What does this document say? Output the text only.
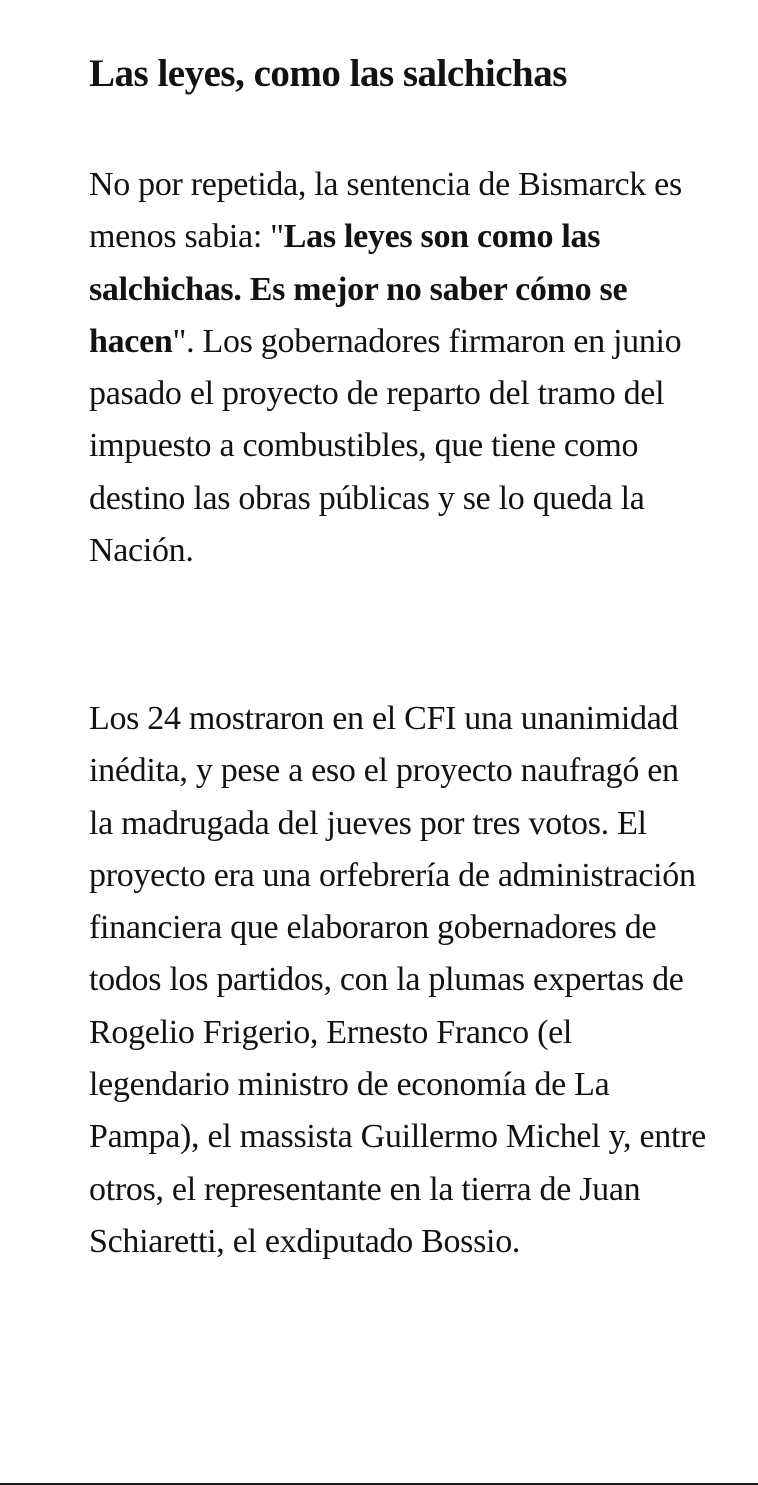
Las leyes, como las salchichas

No por repetida, la sentencia de Bismarck es menos sabia: "Las leyes son como las salchichas. Es mejor no saber cómo se hacen". Los gobernadores firmaron en junio pasado el proyecto de reparto del tramo del impuesto a combustibles, que tiene como destino las obras públicas y se lo queda la Nación.

Los 24 mostraron en el CFI una unanimidad inédita, y pese a eso el proyecto naufragó en la madrugada del jueves por tres votos. El proyecto era una orfebrería de administración financiera que elaboraron gobernadores de todos los partidos, con la plumas expertas de Rogelio Frigerio, Ernesto Franco (el legendario ministro de economía de La Pampa), el massista Guillermo Michel y, entre otros, el representante en la tierra de Juan Schiaretti, el exdiputado Bossio.
